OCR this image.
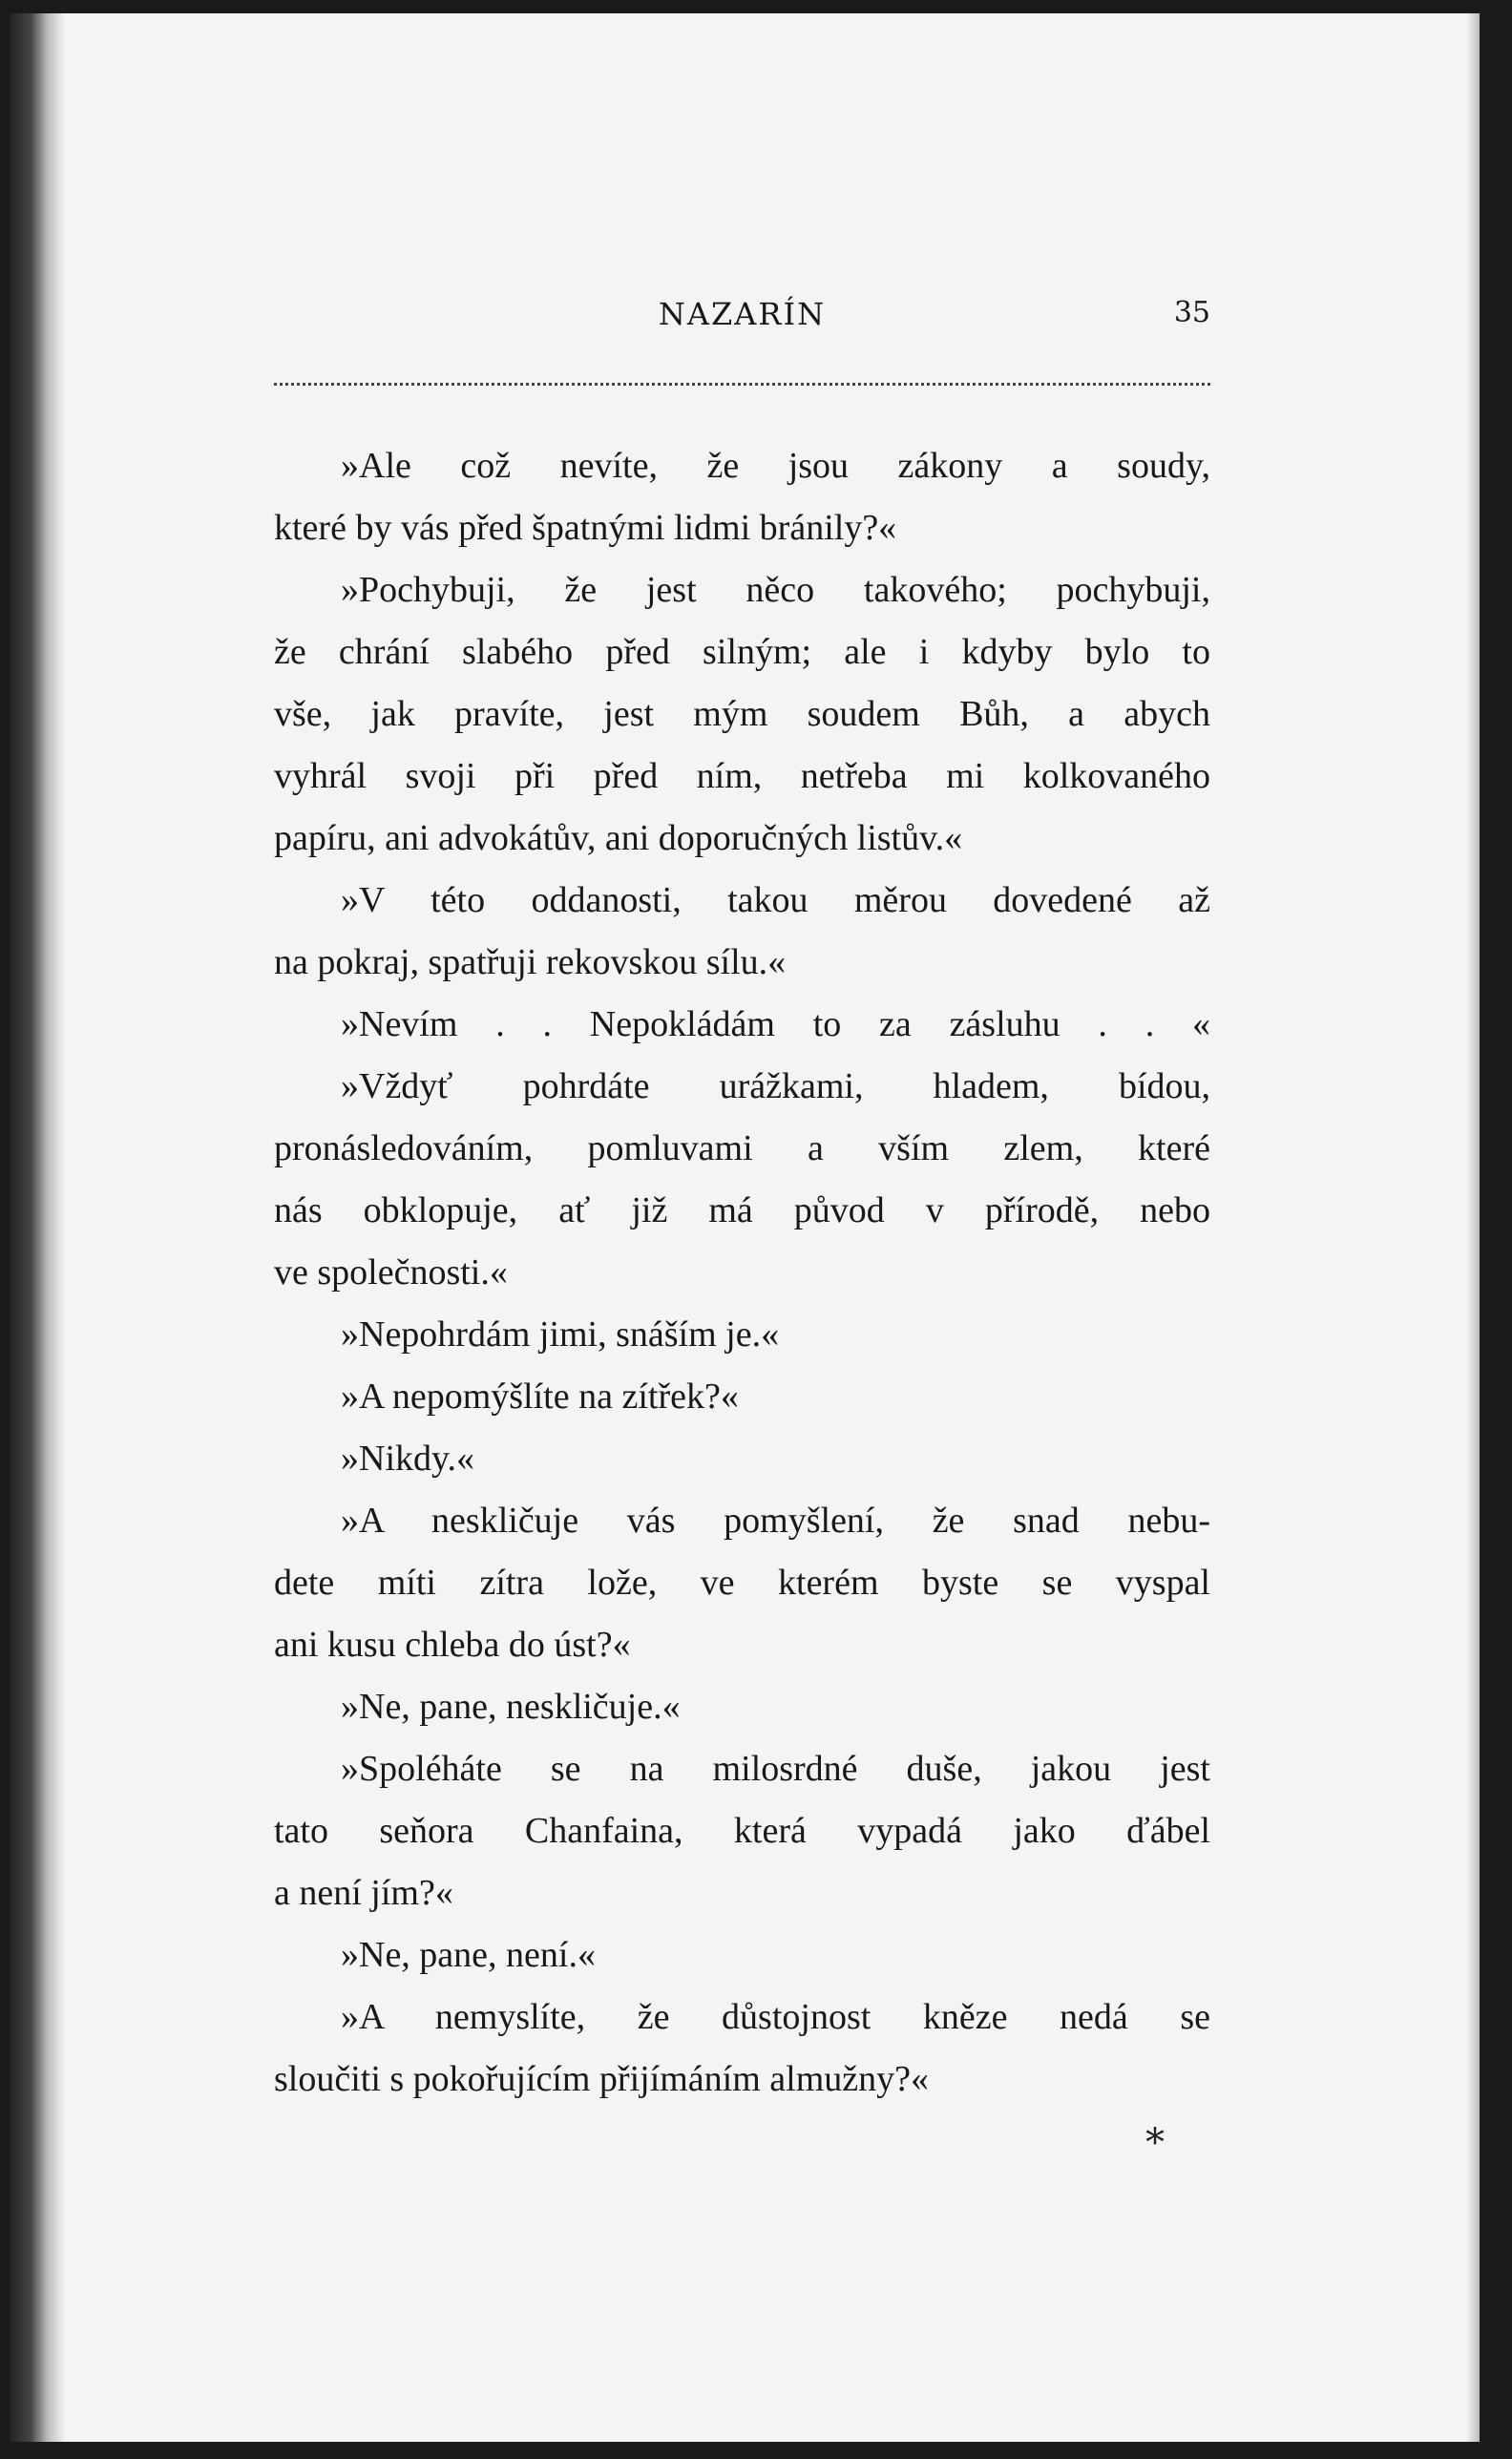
NAZARÍN	35
»Ale což nevíte, že jsou zákony a soudy,
které by vás před špatnými lidmi bránily?«
»Pochybuji, že jest něco takového; pochybuji,
že chrání slabého před silným; ale i kdyby bylo to
vše, jak pravíte, jest mým soudem Bůh, a abych
vyhrál svoji při před ním, netřeba mi kolkovaného
papíru, ani advokátův, ani doporučných listův.«
»V této oddanosti, takou měrou dovedené až
na pokraj, spatřuji rekovskou sílu.«
»Nevím . . Nepokládám to za zásluhu . . «
»Vždyť pohrdáte urážkami, hladem, bídou,
pronásledováním, pomluvami a vším zlem, které
nás obklopuje, ať již má původ v přírodě, nebo
ve společnosti.«
»Nepohrdám jimi, snáším je.«
»A nepomýšlíte na zítřek?«
»Nikdy.«
»A neskličuje vás pomyšlení, že snad nebu-
dete míti zítra lože, ve kterém byste se vyspal
ani kusu chleba do úst?«
»Ne, pane, neskličuje.«
»Spoléháte se na milosrdné duše, jakou jest
tato seňora Chanfaina, která vypadá jako ďábel
a není jím?«
»Ne, pane, není.«
»A nemyslíte, že důstojnost kněze nedá se
sloučiti s pokořujícím přijímáním almužny?«
*
